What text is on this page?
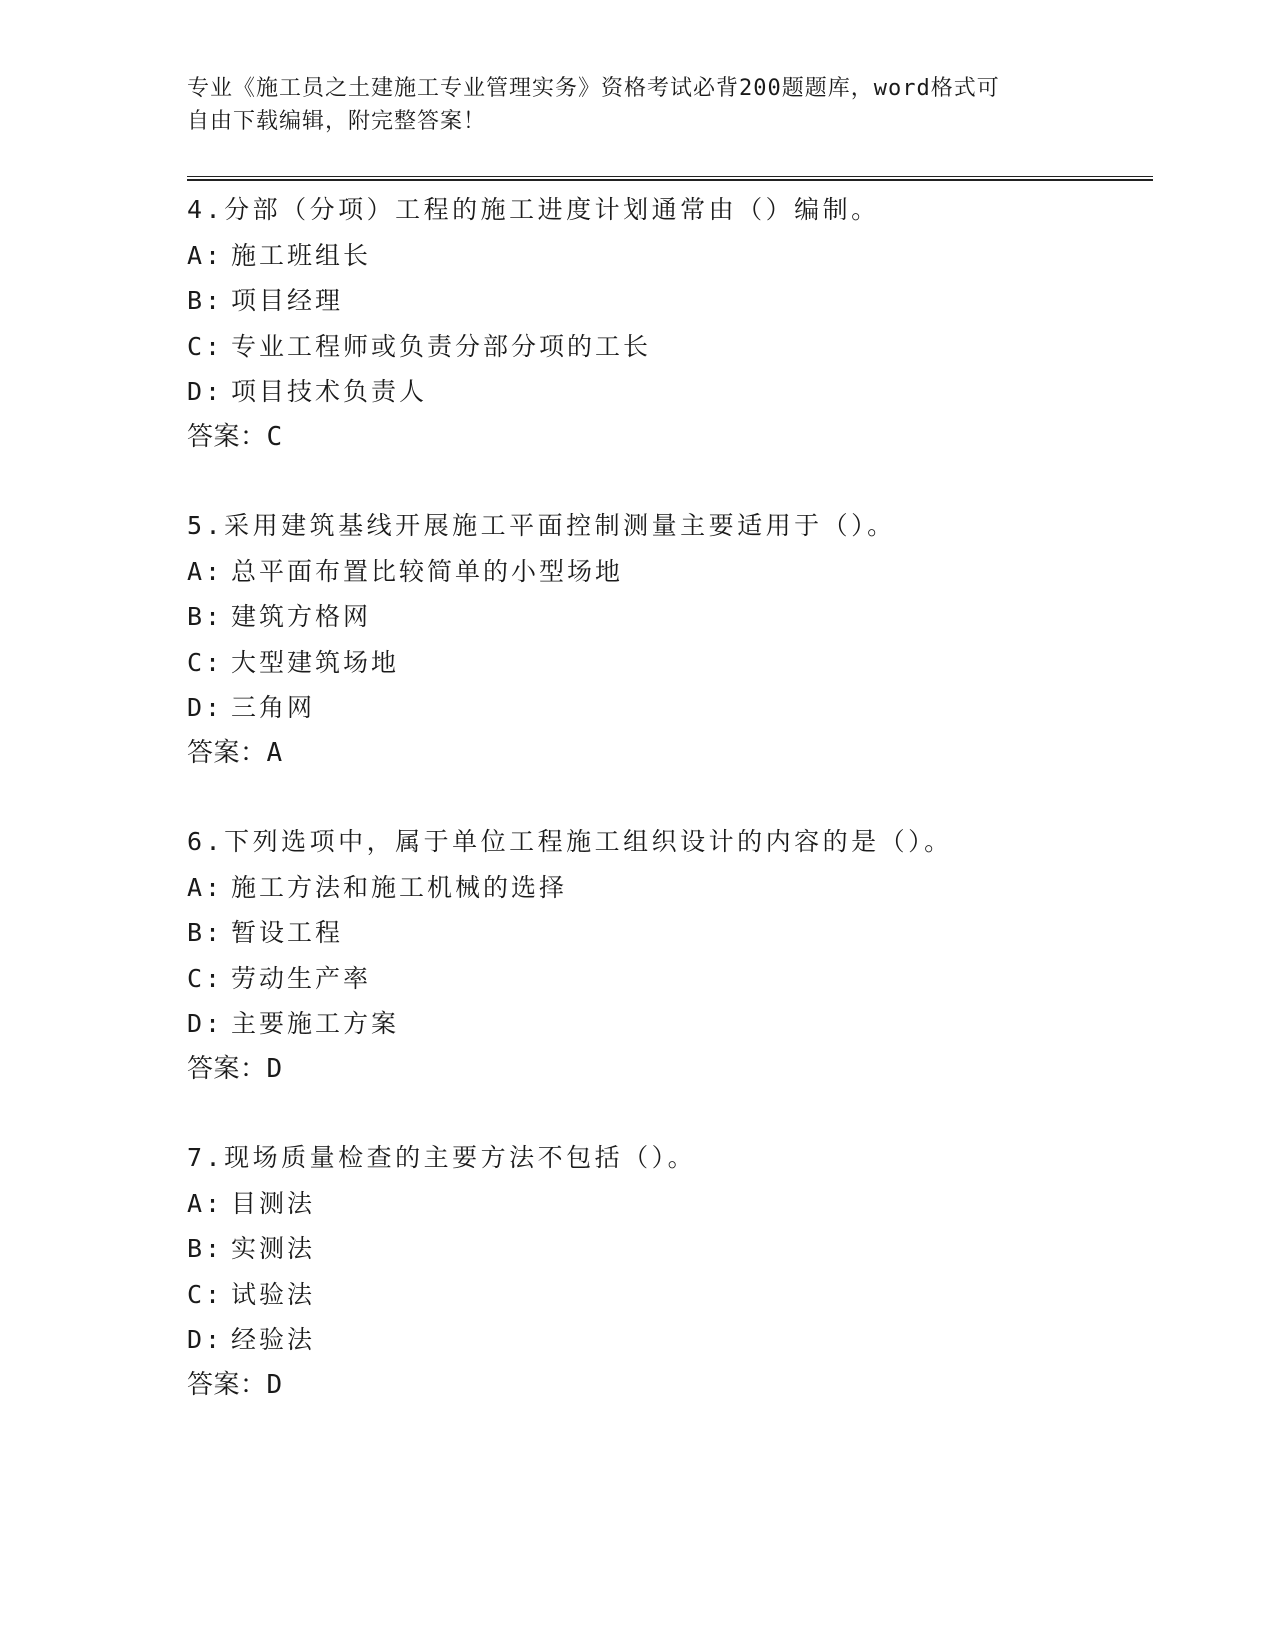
专业《施工员之土建施工专业管理实务》资格考试必背200题题库，word格式可
自由下载编辑，附完整答案！
4.分部（分项）工程的施工进度计划通常由（）编制。
A: 施工班组长
B: 项目经理
C: 专业工程师或负责分部分项的工长
D: 项目技术负责人
答案：C
5.采用建筑基线开展施工平面控制测量主要适用于（）。
A: 总平面布置比较简单的小型场地
B: 建筑方格网
C: 大型建筑场地
D: 三角网
答案：A
6.下列选项中，属于单位工程施工组织设计的内容的是（）。
A: 施工方法和施工机械的选择
B: 暂设工程
C: 劳动生产率
D: 主要施工方案
答案：D
7.现场质量检查的主要方法不包括（）。
A: 目测法
B: 实测法
C: 试验法
D: 经验法
答案：D
